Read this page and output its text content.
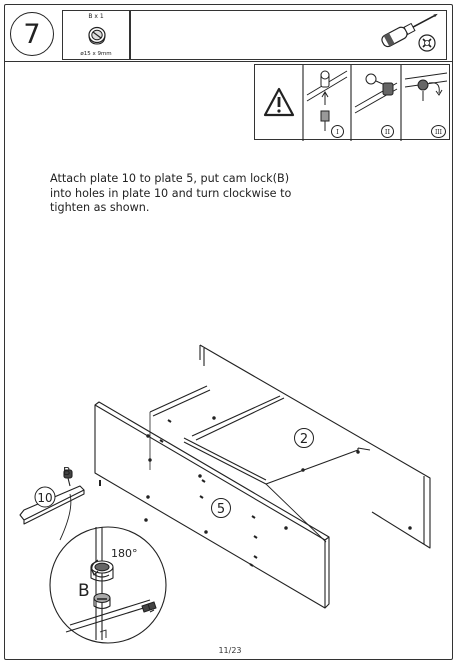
7
B x 1
ø15 x 9mm
I	II	III
Attach plate 10 to plate 5, put cam lock(B)
into holes in plate 10 and turn clockwise to
tighten as shown.
2
5
10
B
B
180°
11/23
